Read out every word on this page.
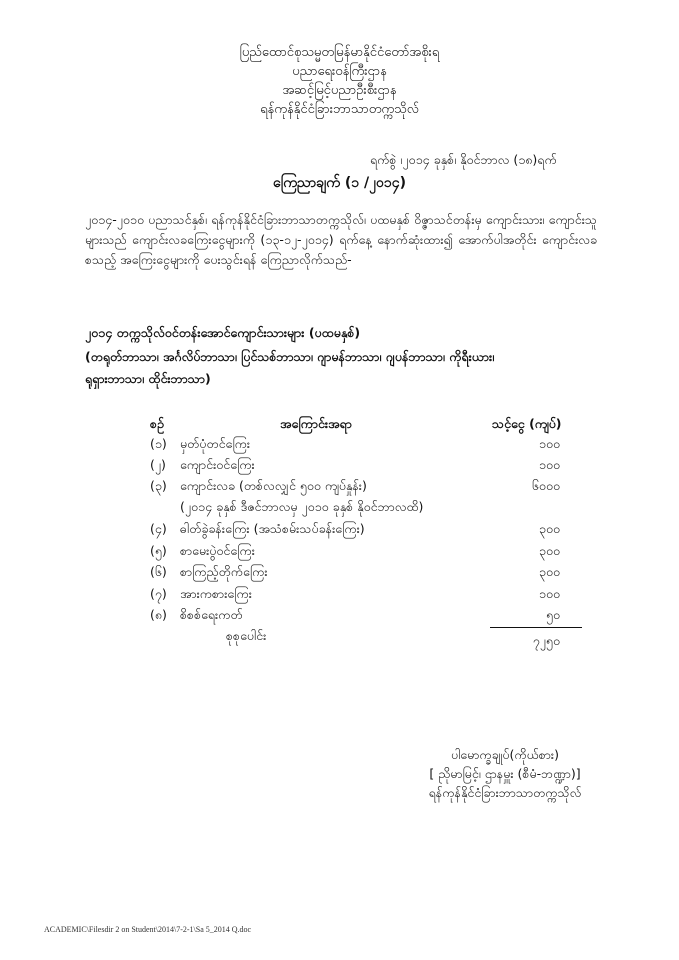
ပြည်ထောင်စုသမ္မတမြန်မာနိုင်ငံတော်အစိုးရ
ပညာရေးဝန်ကြီးဌာန
အဆင့်မြင့်ပညာဦးစီးဌာန
ရန်ကုန်နိုင်ငံခြားဘာသာတက္ကသိုလ်
ရက်စွဲ ၊၂၀၁၄ ခုနှစ်၊ နိုဝင်ဘာလ (၁၈)ရက်
ကြေညာချက် (၁ /၂၀၁၄)
၂၀၁၄-၂၀၁၀ ပညာသင်နှစ်၊ ရန်ကုန်နိုင်ငံခြားဘာသာတက္ကသိုလ်၊ ပထမနှစ် ဝိဇ္ဇာသင်တန်းမှ ကျောင်းသား၊ ကျောင်းသူများသည် ကျောင်းလခကြေးငွေများကို (၁၃-၁၂-၂၀၁၄) ရက်နေ့ နောက်ဆုံးထား၍ အောက်ပါအတိုင်း ကျောင်းလခ စသည့် အကြေးငွေများကို ပေးသွင်းရန် ကြေညာလိုက်သည်-
၂၀၁၄ တက္ကသိုလ်ဝင်တန်းအောင်ကျောင်းသားများ (ပထမနှစ်)
(တရုတ်ဘာသာ၊ အင်္ဂလိပ်ဘာသာ၊ ပြင်သစ်ဘာသာ၊ ဂျာမန်ဘာသာ၊ ဂျပန်ဘာသာ၊ ကိုရီးယား၊
ရုရှားဘာသာ၊ ထိုင်းဘာသာ)
စဉ်	အကြောင်းအရာ	သင့်ငွေ (ကျပ်)
(၁) မှတ်ပုံတင်ကြေး	၁၀၀
(၂) ကျောင်းဝင်ကြေး	၁၀၀
(၃) ကျောင်းလခ (တစ်လလျှင် ၅၀၀ ကျပ်နှုန်း)	၆၀၀၀
(၂၀၁၄ ခုနှစ် ဒီဇင်ဘာလမှ ၂၀၁၀ ခုနှစ် နိုဝင်ဘာလထိ)
(၄) ဓါတ်ခွဲခန်းကြေး (အသံစမ်းသပ်ခန်းကြေး)	၃၀၀
(၅) စာမေးပွဲဝင်ကြေး	၃၀၀
(၆) စာကြည့်တိုက်ကြေး	၃၀၀
(၇) အားကစားကြေး	၁၀၀
(၈) စိစစ်ရေးကတ်	၅၀
စုစုပေါင်း	၇၂၅၀
ပါမောက္ခချုပ်(ကိုယ်စား)
[ ညိုမာမြင့်၊ ဌာနမှူး (စီမံ-ဘဏ္ဍာ)]
ရန်ကုန်နိုင်ငံခြားဘာသာတက္ကသိုလ်
ACADEMIC\Filesdir 2 on Student\2014\7-2-1\Sa 5_2014 Q.doc
